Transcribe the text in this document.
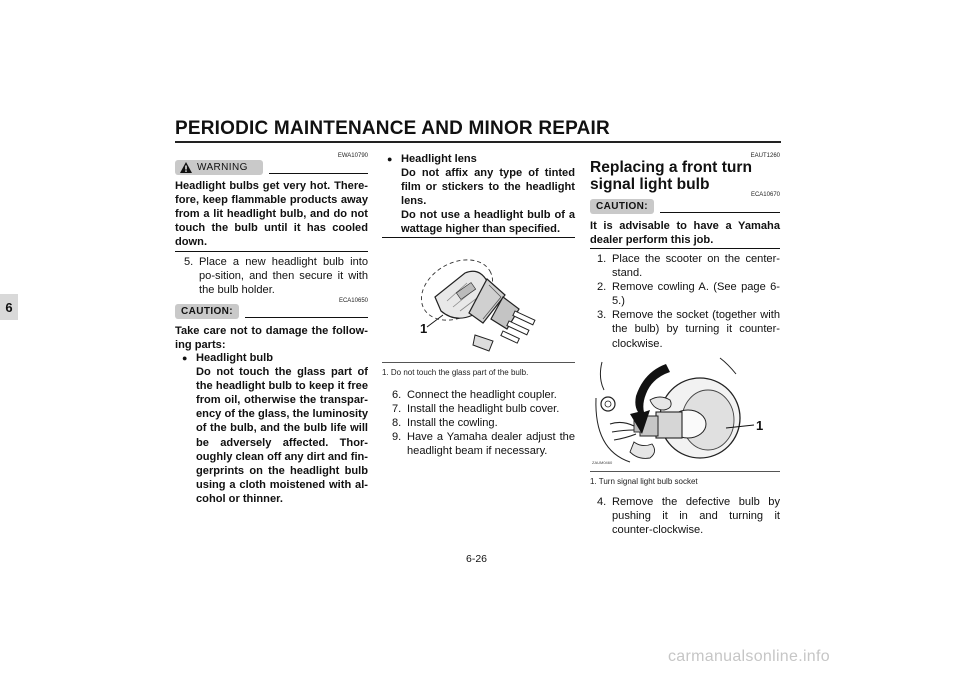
PERIODIC MAINTENANCE AND MINOR REPAIR
6
EWA10790
WARNING
Headlight bulbs get very hot. There-fore, keep flammable products away from a lit headlight bulb, and do not touch the bulb until it has cooled down.
5. Place a new headlight bulb into po-sition, and then secure it with the bulb holder.
ECA10650
CAUTION:
Take care not to damage the follow-ing parts:
● Headlight bulb
Do not touch the glass part of the headlight bulb to keep it free from oil, otherwise the transpar-ency of the glass, the luminosity of the bulb, and the bulb life will be adversely affected. Thor-oughly clean off any dirt and fin-gerprints on the headlight bulb using a cloth moistened with al-cohol or thinner.
● Headlight lens
Do not affix any type of tinted film or stickers to the headlight lens.
Do not use a headlight bulb of a wattage higher than specified.
1
1. Do not touch the glass part of the bulb.
6. Connect the headlight coupler.
7. Install the headlight bulb cover.
8. Install the cowling.
9. Have a Yamaha dealer adjust the headlight beam if necessary.
EAUT1260
Replacing a front turn signal light bulb
ECA10670
CAUTION:
It is advisable to have a Yamaha dealer perform this job.
1. Place the scooter on the center-stand.
2. Remove cowling A. (See page 6-5.)
3. Remove the socket (together with the bulb) by turning it counter-clockwise.
1
ZAUM0460
1. Turn signal light bulb socket
4. Remove the defective bulb by pushing it in and turning it counter-clockwise.
6-26
carmanualsonline.info
